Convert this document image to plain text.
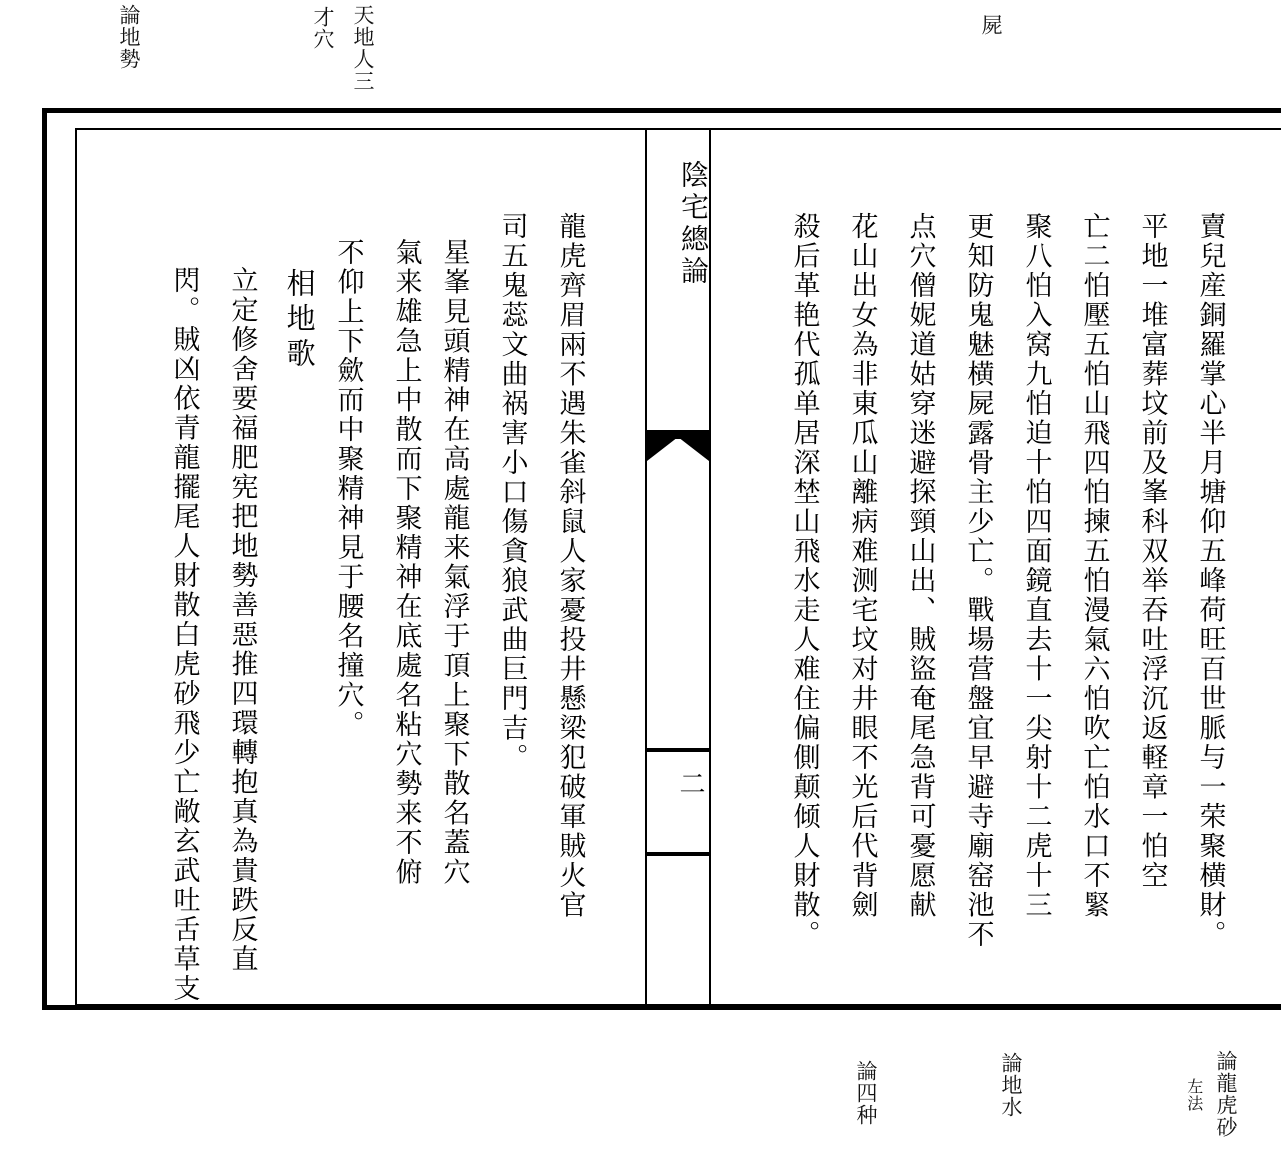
論地勢	天地人三
才穴	屍
論龍虎砂
左法
論地水
論四种
陰宅總論
二	賣兒産銅羅掌心半月塘仰五峰荷旺百世脈与一荣聚横財。
平地一堆富葬坟前及峯科双举吞吐浮沉返軽章一怕空
亡二怕壓五怕山飛四怕揀五怕漫氣六怕吹亡怕水口不緊
聚八怕入窝九怕迫十怕四面鏡直去十一尖射十二虎十三
更知防鬼魅横屍露骨主少亡。戰場营盤宜早避寺廟窑池不
点穴僧妮道姑穿迷避探頸山出、賊盜奄尾急背可憂愿献
花山出女為非東瓜山離病难测宅坟对井眼不光后代背劍
殺后革艳代孤单居深埜山飛水走人难住偏側颠倾人財散。
龍虎齊眉兩不遇朱雀斜鼠人家憂投井懸梁犯破軍賊火官
司五鬼蕊文曲祸害小口傷貪狼武曲巨門吉。
星峯見頭精神在高處龍来氣浮于頂上聚下散名蓋穴
氣来雄急上中散而下聚精神在底處名粘穴勢来不俯
不仰上下歛而中聚精神見于腰名撞穴。
相地歌
立定修舍要福肥宪把地勢善惡推四環轉抱真為貴跌反直
閃。賊凶依青龍擺尾人財散白虎砂飛少亡敞玄武吐舌草支
